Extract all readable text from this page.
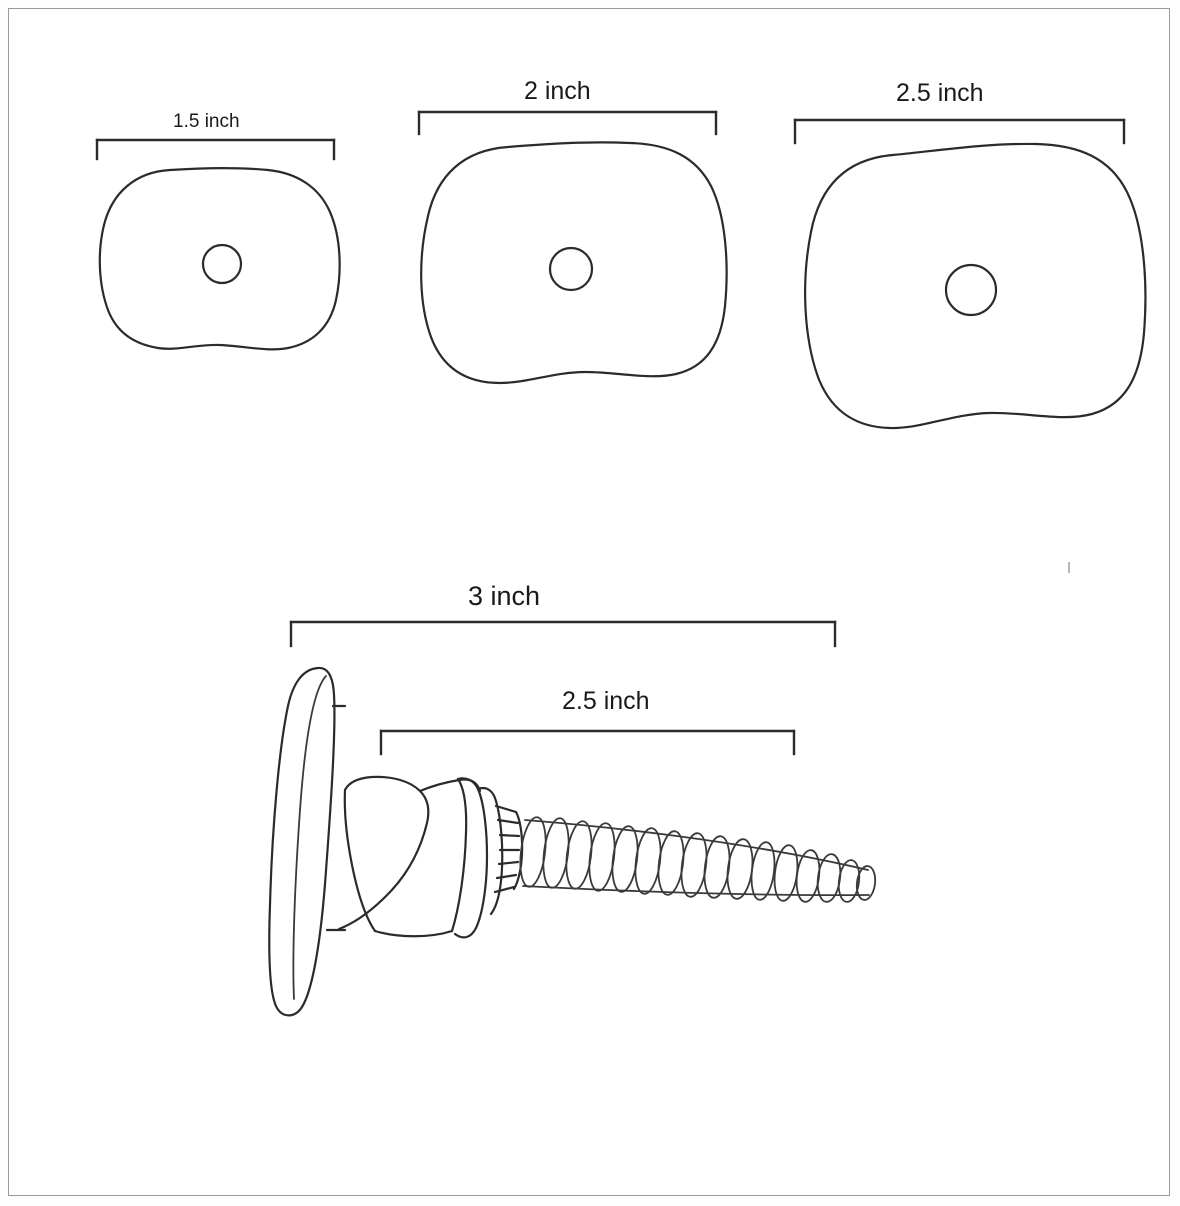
1.5 inch
2 inch	2.5 inch
3 inch
2.5 inch
